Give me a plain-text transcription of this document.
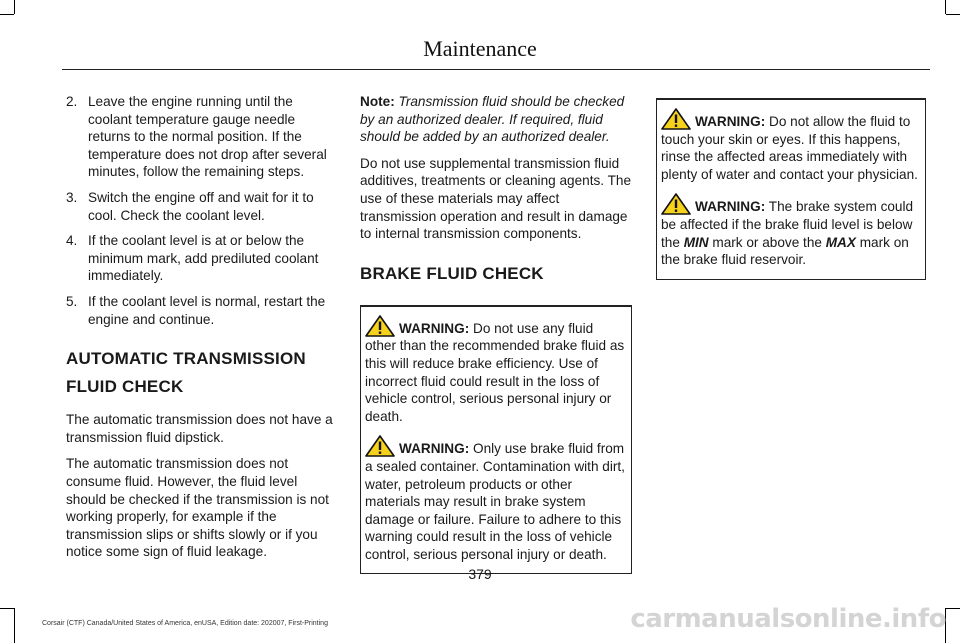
Maintenance
2. Leave the engine running until the coolant temperature gauge needle returns to the normal position. If the temperature does not drop after several minutes, follow the remaining steps.
3. Switch the engine off and wait for it to cool. Check the coolant level.
4. If the coolant level is at or below the minimum mark, add prediluted coolant immediately.
5. If the coolant level is normal, restart the engine and continue.
AUTOMATIC TRANSMISSION
FLUID CHECK

The automatic transmission does not have a transmission fluid dipstick.

The automatic transmission does not consume fluid. However, the fluid level should be checked if the transmission is not working properly, for example if the transmission slips or shifts slowly or if you notice some sign of fluid leakage.

Note: Transmission fluid should be checked by an authorized dealer. If required, fluid should be added by an authorized dealer.

Do not use supplemental transmission fluid additives, treatments or cleaning agents. The use of these materials may affect transmission operation and result in damage to internal transmission components.

BRAKE FLUID CHECK

WARNING: Do not use any fluid other than the recommended brake fluid as this will reduce brake efficiency. Use of incorrect fluid could result in the loss of vehicle control, serious personal injury or death.

WARNING: Only use brake fluid from a sealed container. Contamination with dirt, water, petroleum products or other materials may result in brake system damage or failure. Failure to adhere to this warning could result in the loss of vehicle control, serious personal injury or death.

WARNING: Do not allow the fluid to touch your skin or eyes. If this happens, rinse the affected areas immediately with plenty of water and contact your physician.

WARNING: The brake system could be affected if the brake fluid level is below the MIN mark or above the MAX mark on the brake fluid reservoir.

379
Corsair (CTF) Canada/United States of America, enUSA, Edition date: 202007, First-Printing	carmanualsonline.info
